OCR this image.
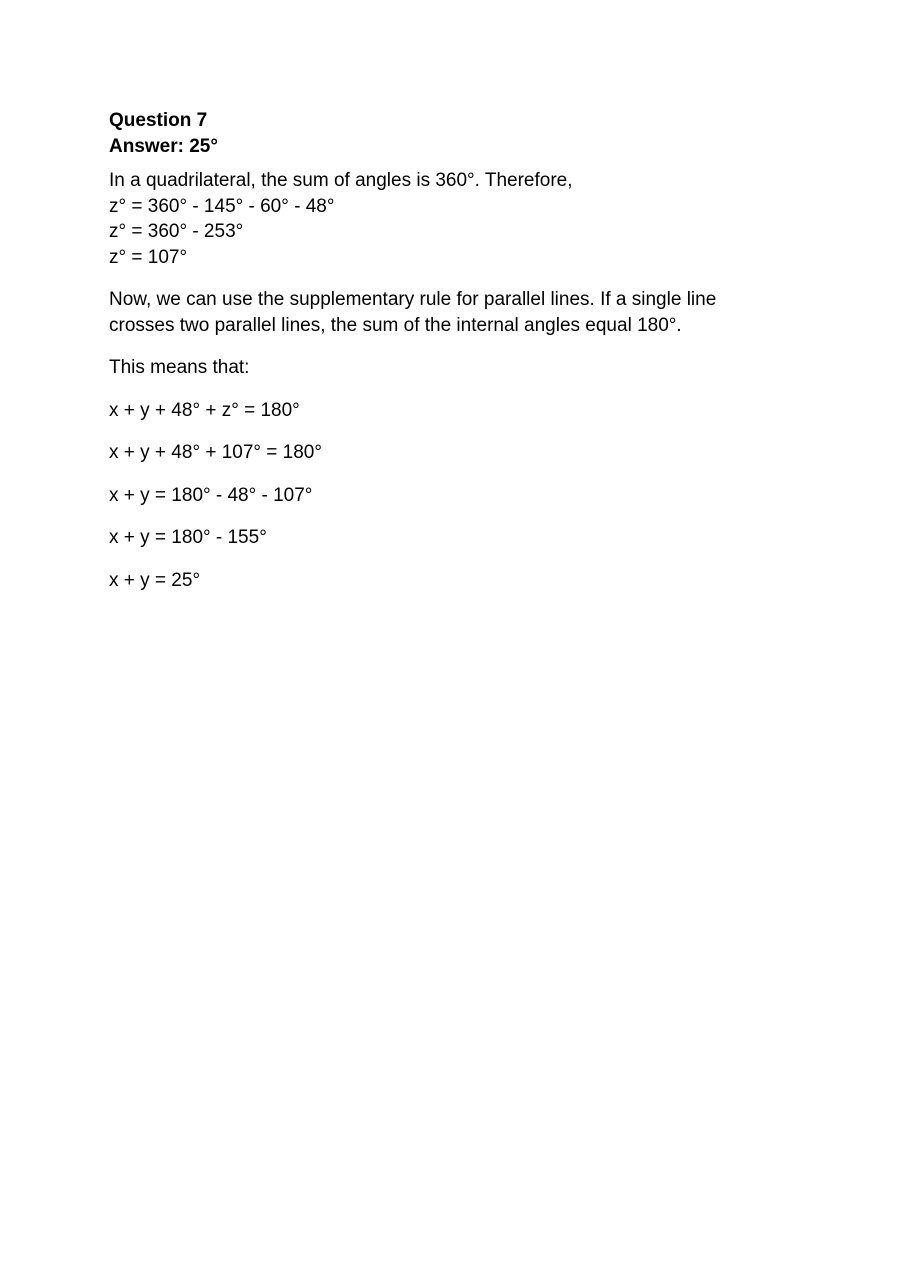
Question 7

Answer: 25°

In a quadrilateral, the sum of angles is 360°. Therefore,
z° = 360° - 145° - 60° - 48°
z° = 360° - 253°
z° = 107°
Now, we can use the supplementary rule for parallel lines. If a single line
crosses two parallel lines, the sum of the internal angles equal 180°.

This means that:

x + y + 48° + z° = 180°

x + y + 48° + 107° = 180°

x + y = 180° - 48° - 107°

x + y = 180° - 155°

x + y = 25°
